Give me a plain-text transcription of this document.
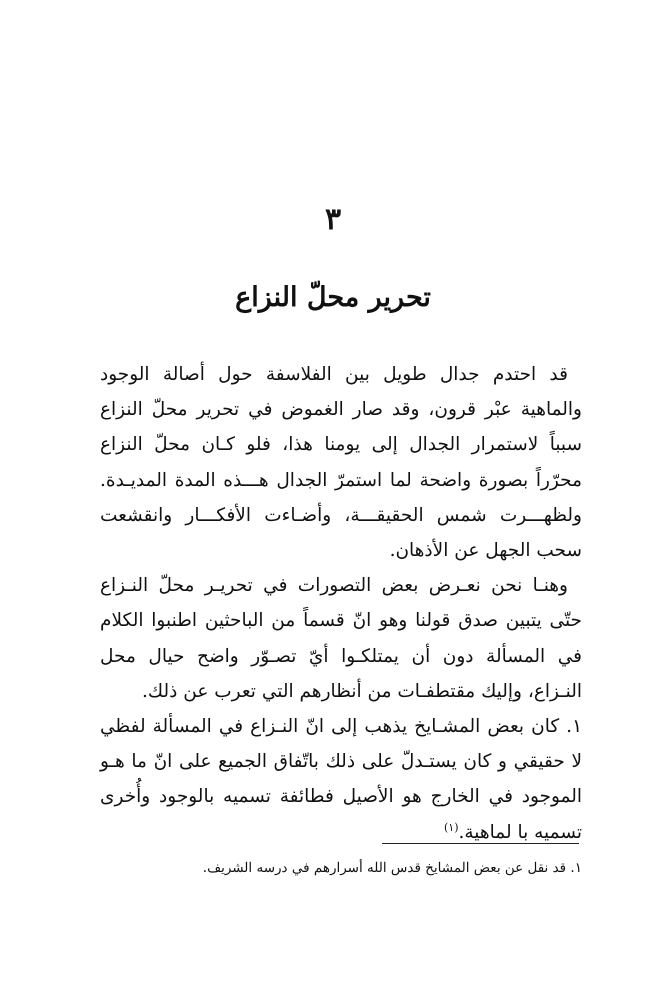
٣
تحرير محلّ النزاع

قد احتدم جدال طويل بين الفلاسفة حول أصالة الوجود والماهية عبْر قرون، وقد صار الغموض في تحرير محلّ النزاع سبباً لاستمرار الجدال إلى يومنا هذا، فلو كـان محلّ النزاع محرّراً بصورة واضحة لما استمرّ الجدال هـــذه المدة المديـدة. ولظهـــرت شمس الحقيقـــة، وأضـاءت الأفكـــار وانقشعت سحب الجهل عن الأذهان.

وهنـا نحن نعـرض بعض التصورات في تحريـر محلّ النـزاع حتّى يتبين صدق قولنا وهو انّ قسماً من الباحثين اطنبوا الكلام في المسألة دون أن يمتلكـوا أيّ تصـوّر واضح حيال محل النـزاع، وإليك مقتطفـات من أنظارهم التي تعرب عن ذلك.

١. كان بعض المشـايخ يذهب إلى انّ النـزاع في المسألة لفظي لا حقيقي و كان يستـدلّ على ذلك باتّفاق الجميع على انّ ما هـو الموجود في الخارج هو الأصيل فطائفة تسميه بالوجود وأُخرى تسميه با لماهية.$^{(١)}$

١. قد نقل عن بعض المشايخ قدس الله أسرارهم في درسه الشريف.
